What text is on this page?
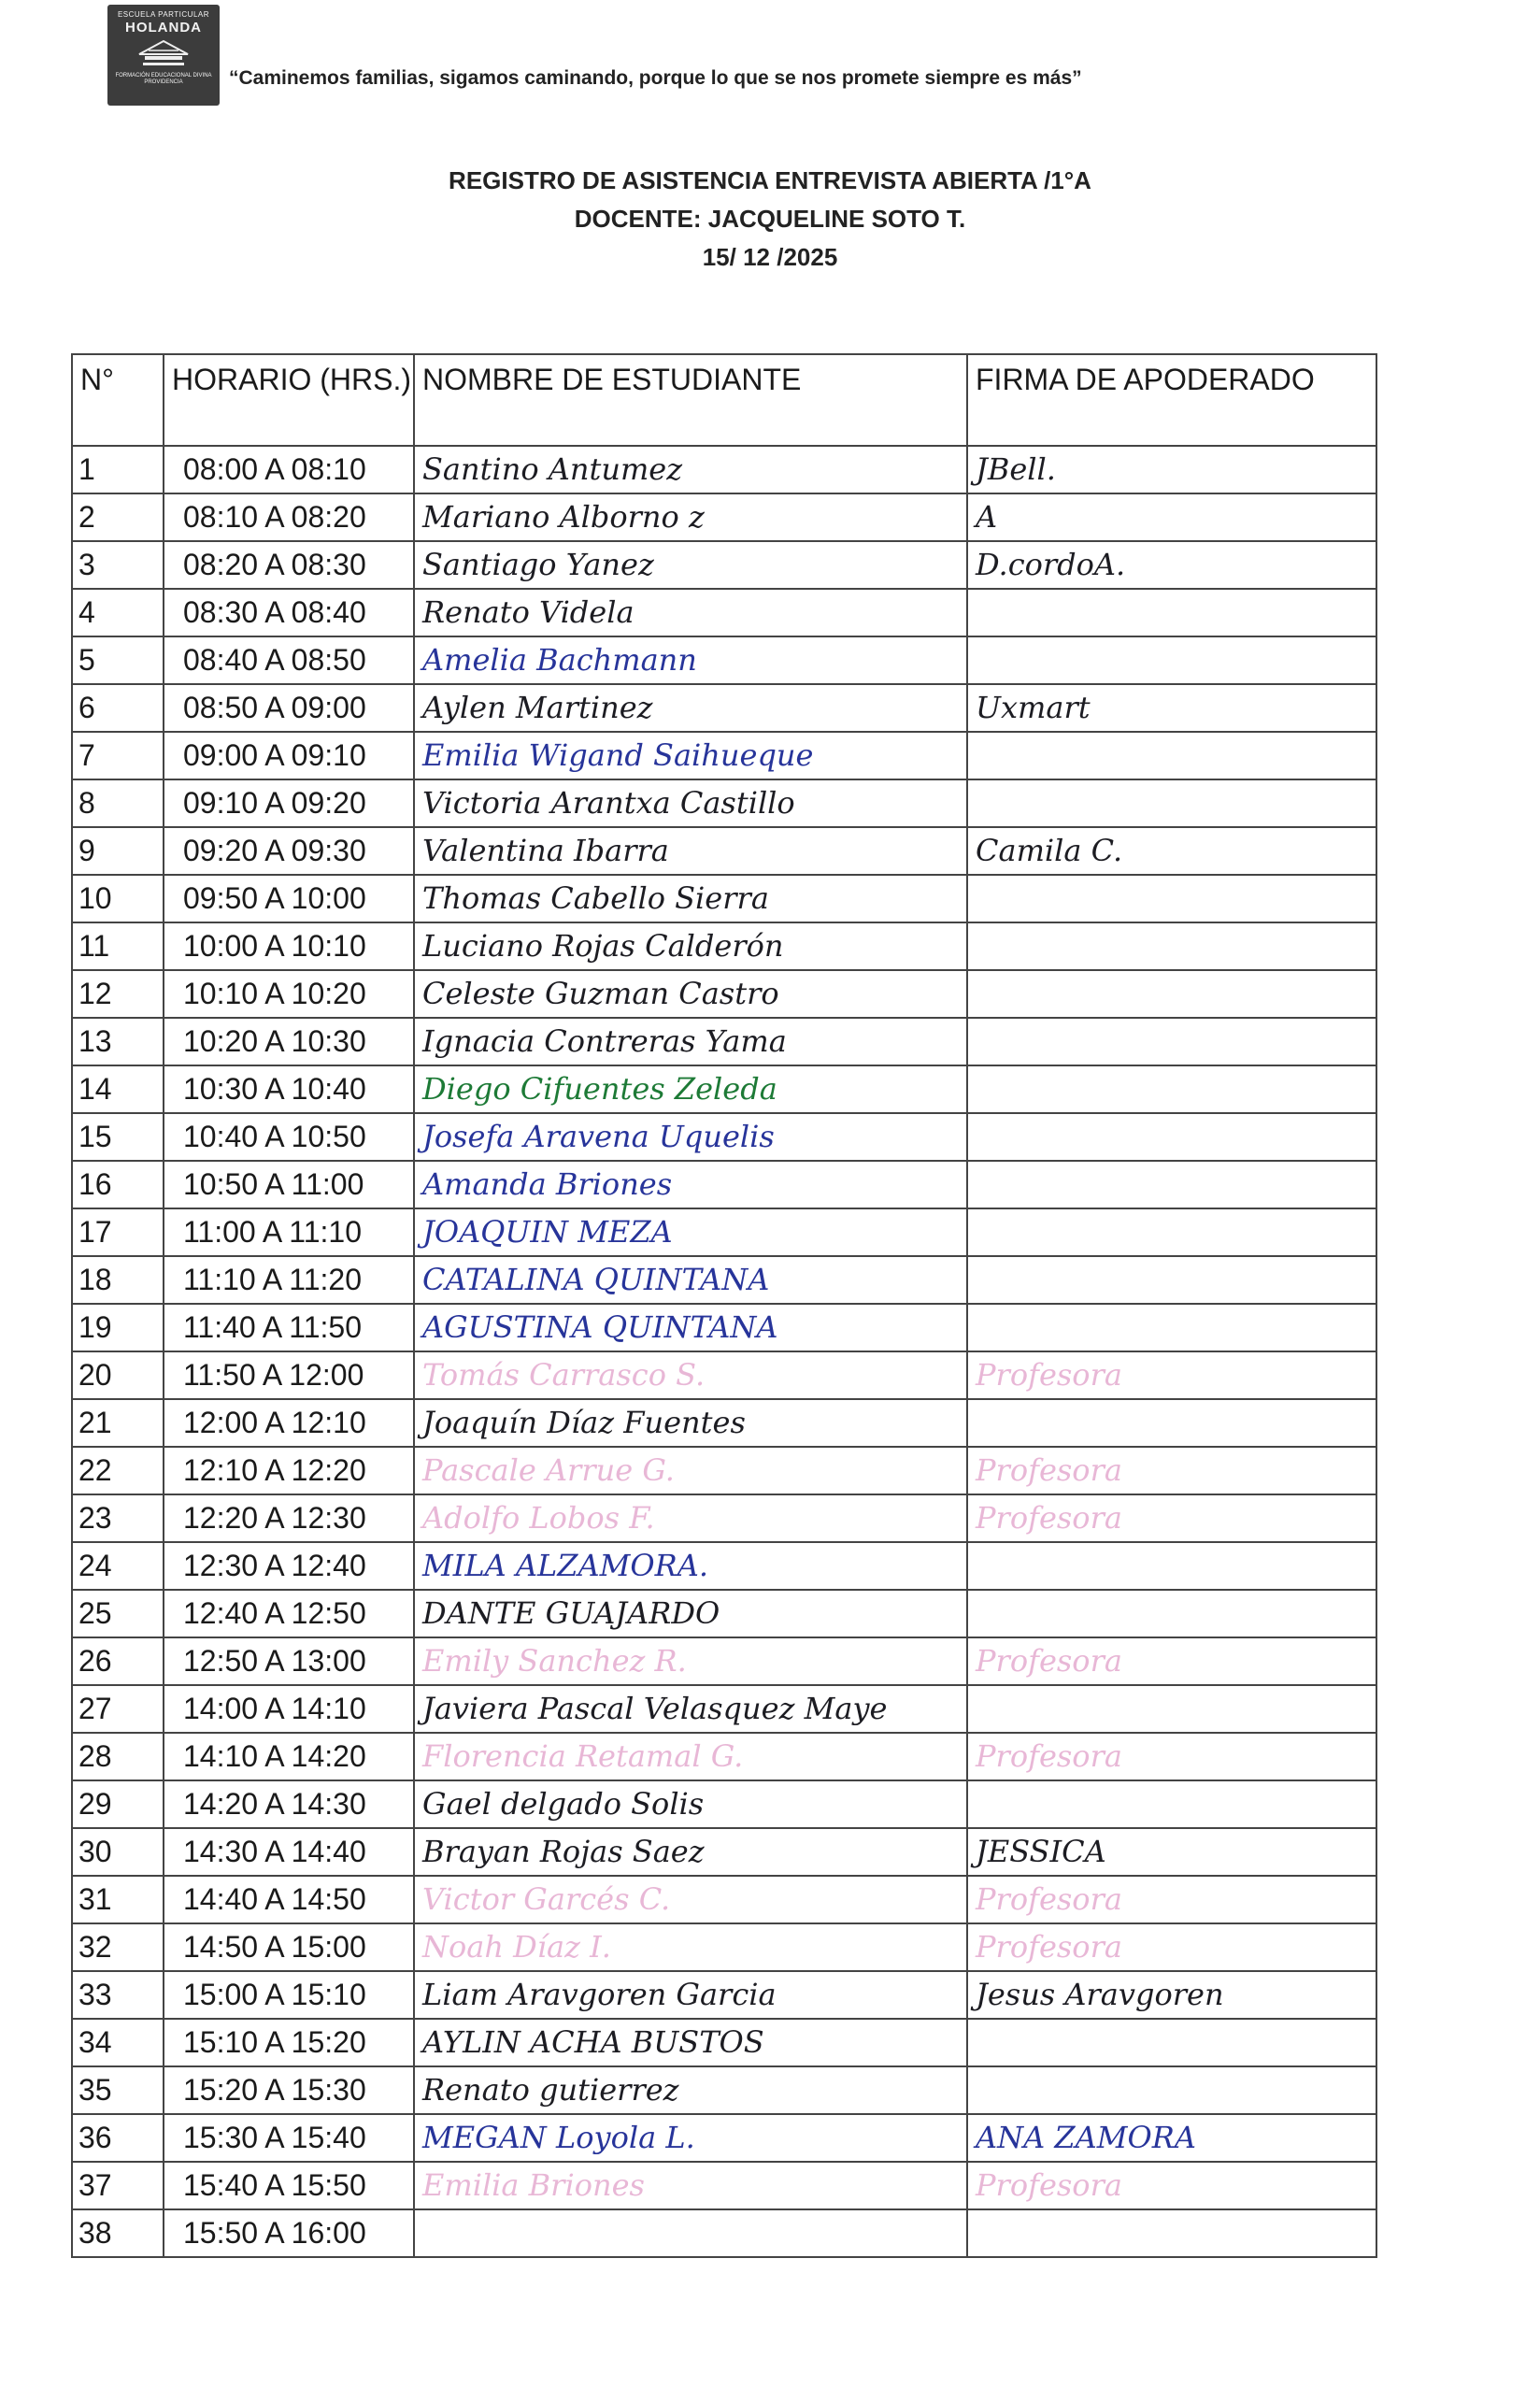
ESCUELA PARTICULAR
HOLANDA
FORMACIÓN EDUCACIONAL DIVINA PROVIDENCIA	“Caminemos familias, sigamos caminando, porque lo que se nos promete siempre es más”
REGISTRO DE ASISTENCIA ENTREVISTA ABIERTA /1°A
DOCENTE: JACQUELINE SOTO T.
15/ 12 /2025
N°	HORARIO (HRS.)	NOMBRE DE ESTUDIANTE	FIRMA DE APODERADO
1	08:00 A 08:10	Santino Antumez	JBell.
2	08:10 A 08:20	Mariano Alborno z	A
3	08:20 A 08:30	Santiago Yanez	D.cordoA.
4	08:30 A 08:40	Renato Videla	
5	08:40 A 08:50	Amelia Bachmann	
6	08:50 A 09:00	Aylen Martinez	Uxmart
7	09:00 A 09:10	Emilia Wigand Saihueque	
8	09:10 A 09:20	Victoria Arantxa Castillo	
9	09:20 A 09:30	Valentina Ibarra	Camila C.
10	09:50 A 10:00	Thomas Cabello Sierra	
11	10:00 A 10:10	Luciano Rojas Calderón	
12	10:10 A 10:20	Celeste Guzman Castro	
13	10:20 A 10:30	Ignacia Contreras Yama	
14	10:30 A 10:40	Diego Cifuentes Zeleda	
15	10:40 A 10:50	Josefa Aravena Uquelis	
16	10:50 A 11:00	Amanda Briones	
17	11:00 A 11:10	JOAQUIN MEZA	
18	11:10 A 11:20	CATALINA QUINTANA	
19	11:40 A 11:50	AGUSTINA QUINTANA	
20	11:50 A 12:00	Tomás Carrasco S.	Profesora
21	12:00 A 12:10	Joaquín Díaz Fuentes	
22	12:10 A 12:20	Pascale Arrue G.	Profesora
23	12:20 A 12:30	Adolfo Lobos F.	Profesora
24	12:30 A 12:40	MILA ALZAMORA.	
25	12:40 A 12:50	DANTE GUAJARDO	
26	12:50 A 13:00	Emily Sanchez R.	Profesora
27	14:00 A 14:10	Javiera Pascal Velasquez Maye	
28	14:10 A 14:20	Florencia Retamal G.	Profesora
29	14:20 A 14:30	Gael delgado Solis	
30	14:30 A 14:40	Brayan Rojas Saez	JESSICA
31	14:40 A 14:50	Victor Garcés C.	Profesora
32	14:50 A 15:00	Noah Díaz I.	Profesora
33	15:00 A 15:10	Liam Aravgoren Garcia	Jesus Aravgoren
34	15:10 A 15:20	AYLIN ACHA BUSTOS	
35	15:20 A 15:30	Renato gutierrez	
36	15:30 A 15:40	MEGAN Loyola L.	ANA ZAMORA
37	15:40 A 15:50	Emilia Briones	Profesora
38	15:50 A 16:00		
